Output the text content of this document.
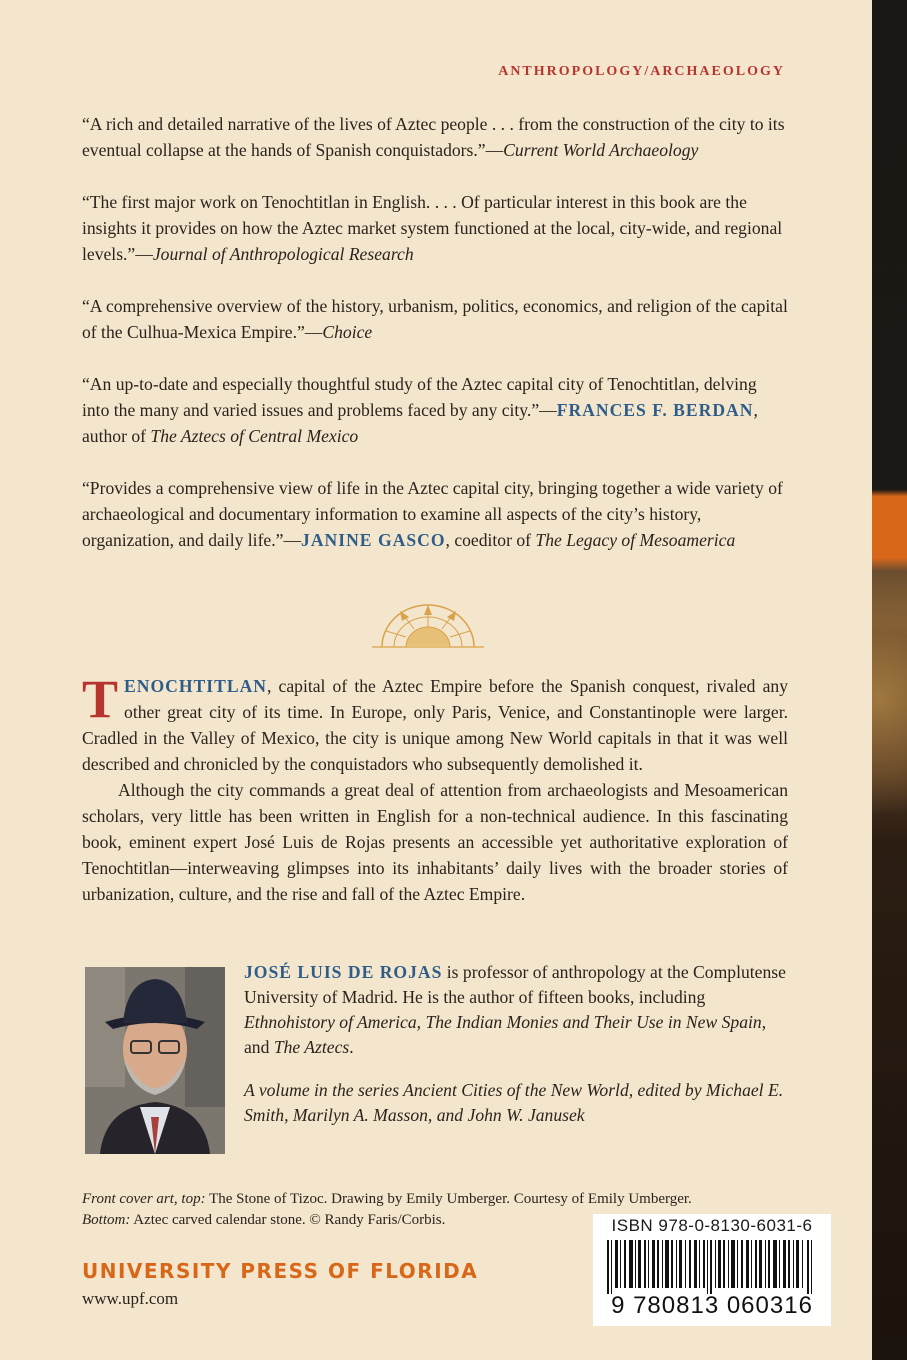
ANTHROPOLOGY/ARCHAEOLOGY

“A rich and detailed narrative of the lives of Aztec people . . . from the construction of the city to its eventual collapse at the hands of Spanish conquistadors.”—Current World Archaeology

“The first major work on Tenochtitlan in English. . . . Of particular interest in this book are the insights it provides on how the Aztec market system functioned at the local, city-wide, and regional levels.”—Journal of Anthropological Research

“A comprehensive overview of the history, urbanism, politics, economics, and religion of the capital of the Culhua-Mexica Empire.”—Choice

“An up-to-date and especially thoughtful study of the Aztec capital city of Tenochtitlan, delving into the many and varied issues and problems faced by any city.”—FRANCES F. BERDAN, author of The Aztecs of Central Mexico

“Provides a comprehensive view of life in the Aztec capital city, bringing together a wide variety of archaeological and documentary information to examine all aspects of the city’s history, organization, and daily life.”—JANINE GASCO, coeditor of The Legacy of Mesoamerica

TENOCHTITLAN, capital of the Aztec Empire before the Spanish conquest, rivaled any other great city of its time. In Europe, only Paris, Venice, and Constantinople were larger. Cradled in the Valley of Mexico, the city is unique among New World capitals in that it was well described and chronicled by the conquistadors who subsequently demolished it.

Although the city commands a great deal of attention from archaeologists and Mesoamerican scholars, very little has been written in English for a non-technical audience. In this fascinating book, eminent expert José Luis de Rojas presents an accessible yet authoritative exploration of Tenochtitlan—interweaving glimpses into its inhabitants’ daily lives with the broader stories of urbanization, culture, and the rise and fall of the Aztec Empire.

JOSÉ LUIS DE ROJAS is professor of anthropology at the Complutense University of Madrid. He is the author of fifteen books, including Ethnohistory of America, The Indian Monies and Their Use in New Spain, and The Aztecs.

A volume in the series Ancient Cities of the New World, edited by Michael E. Smith, Marilyn A. Masson, and John W. Janusek

Front cover art, top: The Stone of Tizoc. Drawing by Emily Umberger. Courtesy of Emily Umberger.
Bottom: Aztec carved calendar stone. © Randy Faris/Corbis.	ISBN 978-0-8130-6031-6
9 780813 060316
UNIVERSITY PRESS OF FLORIDA
www.upf.com
